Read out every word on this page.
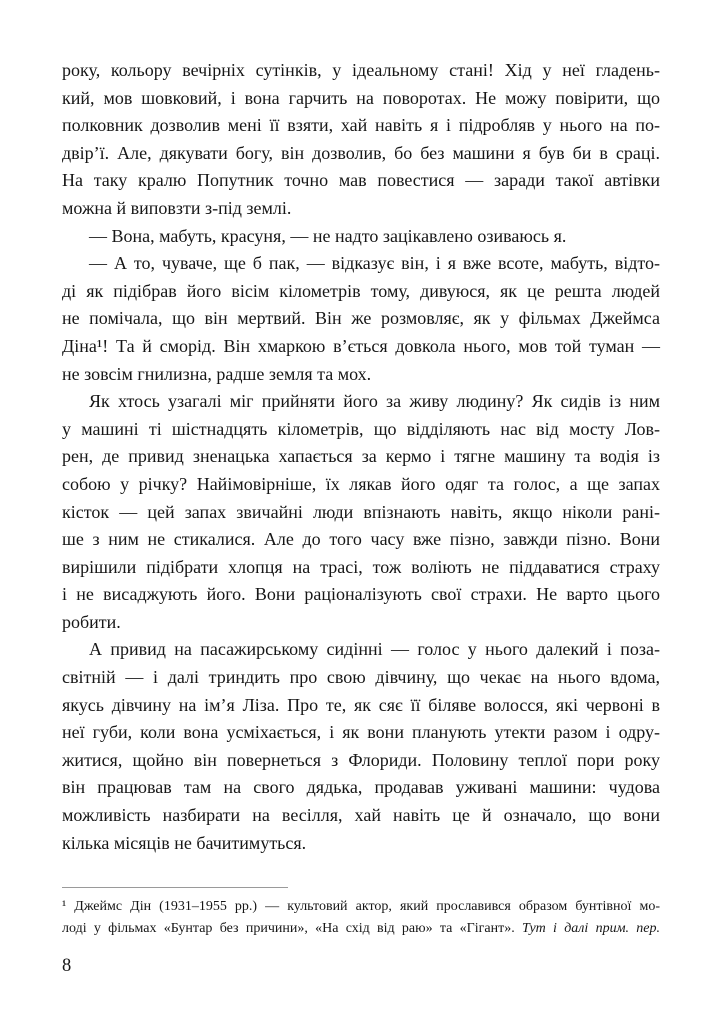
року, кольору вечірніх сутінків, у ідеальному стані! Хід у неї гладень-
кий, мов шовковий, і вона гарчить на поворотах. Не можу повірити, що
полковник дозволив мені її взяти, хай навіть я і підробляв у нього на по-
двір’ї. Але, дякувати богу, він дозволив, бо без машини я був би в сраці.
На таку кралю Попутник точно мав повестися — заради такої автівки
можна й виповзти з-під землі.
— Вона, мабуть, красуня, — не надто зацікавлено озиваюсь я.
— А то, чуваче, ще б пак, — відказує він, і я вже всоте, мабуть, відто-
ді як підібрав його вісім кілометрів тому, дивуюся, як це решта людей
не помічала, що він мертвий. Він же розмовляє, як у фільмах Джеймса
Діна¹! Та й сморід. Він хмаркою в’ється довкола нього, мов той туман —
не зовсім гнилизна, радше земля та мох.
Як хтось узагалі міг прийняти його за живу людину? Як сидів із ним
у машині ті шістнадцять кілометрів, що відділяють нас від мосту Лов-
рен, де привид зненацька хапається за кермо і тягне машину та водія із
собою у річку? Найімовірніше, їх лякав його одяг та голос, а ще запах
кісток — цей запах звичайні люди впізнають навіть, якщо ніколи рані-
ше з ним не стикалися. Але до того часу вже пізно, завжди пізно. Вони
вирішили підібрати хлопця на трасі, тож воліють не піддаватися страху
і не висаджують його. Вони раціоналізують свої страхи. Не варто цього
робити.
А привид на пасажирському сидінні — голос у нього далекий і поза-
світній — і далі триндить про свою дівчину, що чекає на нього вдома,
якусь дівчину на ім’я Ліза. Про те, як сяє її біляве волосся, які червоні в
неї губи, коли вона усміхається, і як вони планують утекти разом і одру-
житися, щойно він повернеться з Флориди. Половину теплої пори року
він працював там на свого дядька, продавав уживані машини: чудова
можливість назбирати на весілля, хай навіть це й означало, що вони
кілька місяців не бачитимуться.
¹ Джеймс Дін (1931–1955 рр.) — культовий актор, який прославився образом бунтівної мо-
лоді у фільмах «Бунтар без причини», «На схід від раю» та «Гігант». Тут і далі прим. пер.
8
